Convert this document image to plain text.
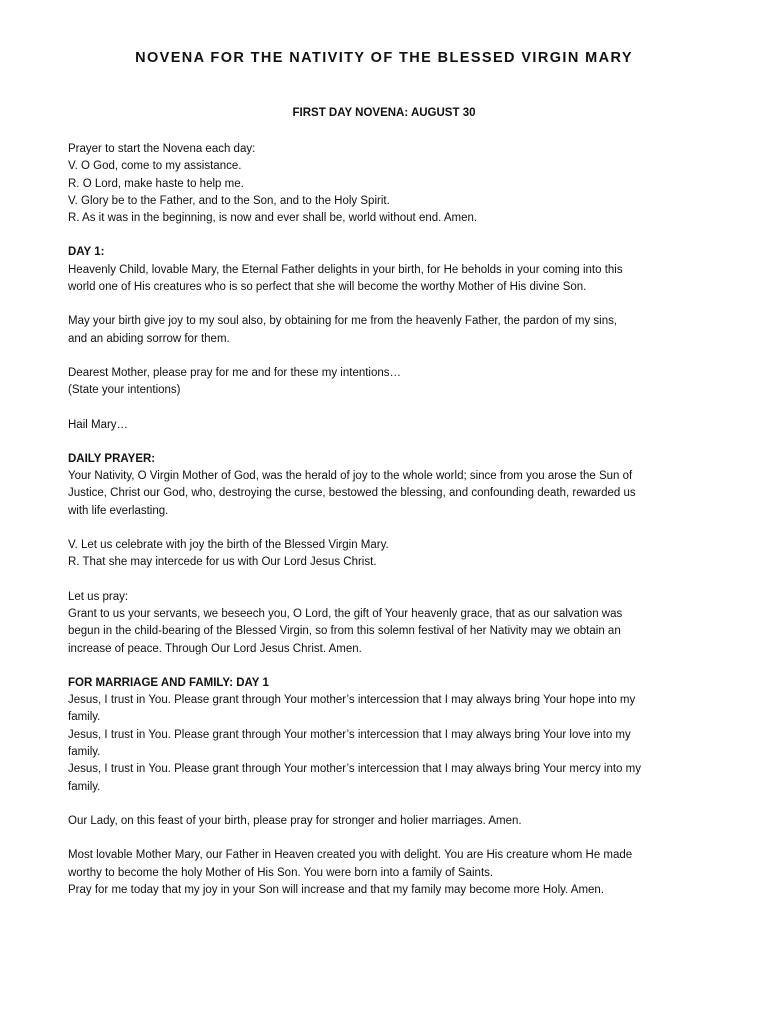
NOVENA FOR THE NATIVITY OF THE BLESSED VIRGIN MARY
FIRST DAY NOVENA: AUGUST 30

Prayer to start the Novena each day:
V. O God, come to my assistance.
R. O Lord, make haste to help me.
V. Glory be to the Father, and to the Son, and to the Holy Spirit.
R. As it was in the beginning, is now and ever shall be, world without end. Amen.

DAY 1:
Heavenly Child, lovable Mary, the Eternal Father delights in your birth, for He beholds in your coming into this
world one of His creatures who is so perfect that she will become the worthy Mother of His divine Son.

May your birth give joy to my soul also, by obtaining for me from the heavenly Father, the pardon of my sins,
and an abiding sorrow for them.

Dearest Mother, please pray for me and for these my intentions…
(State your intentions)

Hail Mary…

DAILY PRAYER:
Your Nativity, O Virgin Mother of God, was the herald of joy to the whole world; since from you arose the Sun of
Justice, Christ our God, who, destroying the curse, bestowed the blessing, and confounding death, rewarded us
with life everlasting.

V. Let us celebrate with joy the birth of the Blessed Virgin Mary.
R. That she may intercede for us with Our Lord Jesus Christ.

Let us pray:
Grant to us your servants, we beseech you, O Lord, the gift of Your heavenly grace, that as our salvation was
begun in the child-bearing of the Blessed Virgin, so from this solemn festival of her Nativity may we obtain an
increase of peace. Through Our Lord Jesus Christ. Amen.

FOR MARRIAGE AND FAMILY: DAY 1
Jesus, I trust in You. Please grant through Your mother’s intercession that I may always bring Your hope into my
family.
Jesus, I trust in You. Please grant through Your mother’s intercession that I may always bring Your love into my
family.
Jesus, I trust in You. Please grant through Your mother’s intercession that I may always bring Your mercy into my
family.

Our Lady, on this feast of your birth, please pray for stronger and holier marriages. Amen.

Most lovable Mother Mary, our Father in Heaven created you with delight. You are His creature whom He made
worthy to become the holy Mother of His Son. You were born into a family of Saints.
Pray for me today that my joy in your Son will increase and that my family may become more Holy. Amen.
